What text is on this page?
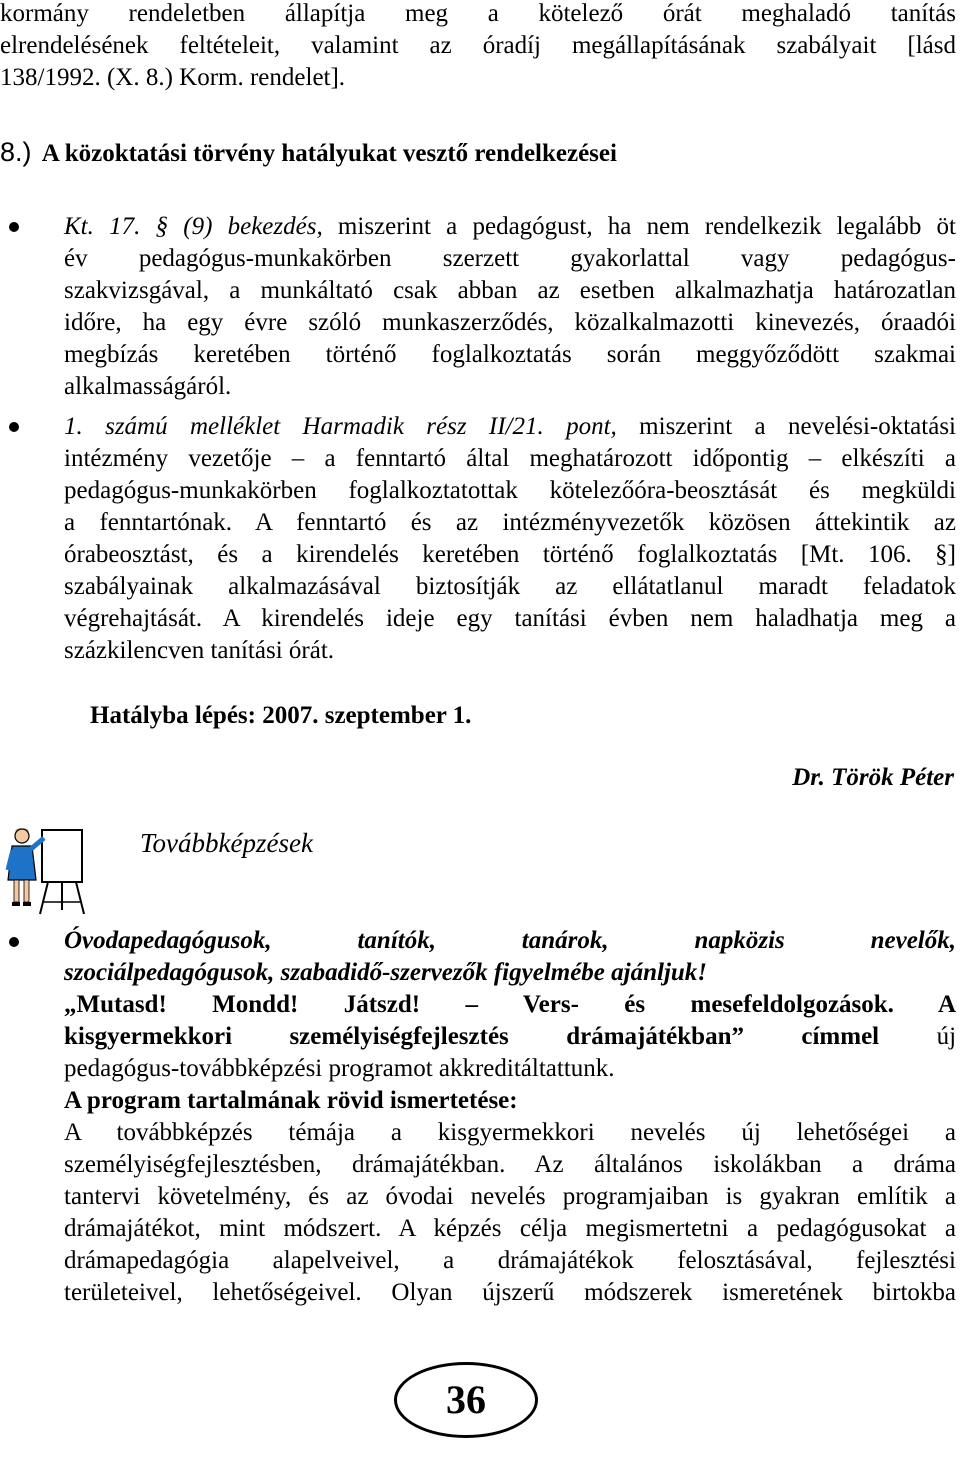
kormány rendeletben állapítja meg a kötelező órát meghaladó tanítás
elrendelésének feltételeit, valamint az óradíj megállapításának szabályait [lásd
138/1992. (X. 8.) Korm. rendelet].
8.) A közoktatási törvény hatályukat vesztő rendelkezései
Kt. 17. § (9) bekezdés, miszerint a pedagógust, ha nem rendelkezik legalább öt
év pedagógus-munkakörben szerzett gyakorlattal vagy pedagógus-
szakvizsgával, a munkáltató csak abban az esetben alkalmazhatja határozatlan
időre, ha egy évre szóló munkaszerződés, közalkalmazotti kinevezés, óraadói
megbízás keretében történő foglalkoztatás során meggyőződött szakmai
alkalmasságáról.
1. számú melléklet Harmadik rész II/21. pont, miszerint a nevelési-oktatási
intézmény vezetője – a fenntartó által meghatározott időpontig – elkészíti a
pedagógus-munkakörben foglalkoztatottak kötelezőóra-beosztását és megküldi
a fenntartónak. A fenntartó és az intézményvezetők közösen áttekintik az
órabeosztást, és a kirendelés keretében történő foglalkoztatás [Mt. 106. §]
szabályainak alkalmazásával biztosítják az ellátatlanul maradt feladatok
végrehajtását. A kirendelés ideje egy tanítási évben nem haladhatja meg a
százkilencven tanítási órát.
Hatályba lépés: 2007. szeptember 1.
Dr. Török Péter
Továbbképzések
Óvodapedagógusok, tanítók, tanárok, napközis nevelők,
szociálpedagógusok, szabadidő-szervezők figyelmébe ajánljuk!
„Mutasd! Mondd! Játszd! – Vers- és mesefeldolgozások. A
kisgyermekkori személyiségfejlesztés drámajátékban” címmel új
pedagógus-továbbképzési programot akkreditáltattunk.
A program tartalmának rövid ismertetése:
A továbbképzés témája a kisgyermekkori nevelés új lehetőségei a
személyiségfejlesztésben, drámajátékban. Az általános iskolákban a dráma
tantervi követelmény, és az óvodai nevelés programjaiban is gyakran említik a
drámajátékot, mint módszert. A képzés célja megismertetni a pedagógusokat a
drámapedagógia alapelveivel, a drámajátékok felosztásával, fejlesztési
területeivel, lehetőségeivel. Olyan újszerű módszerek ismeretének birtokba
36
